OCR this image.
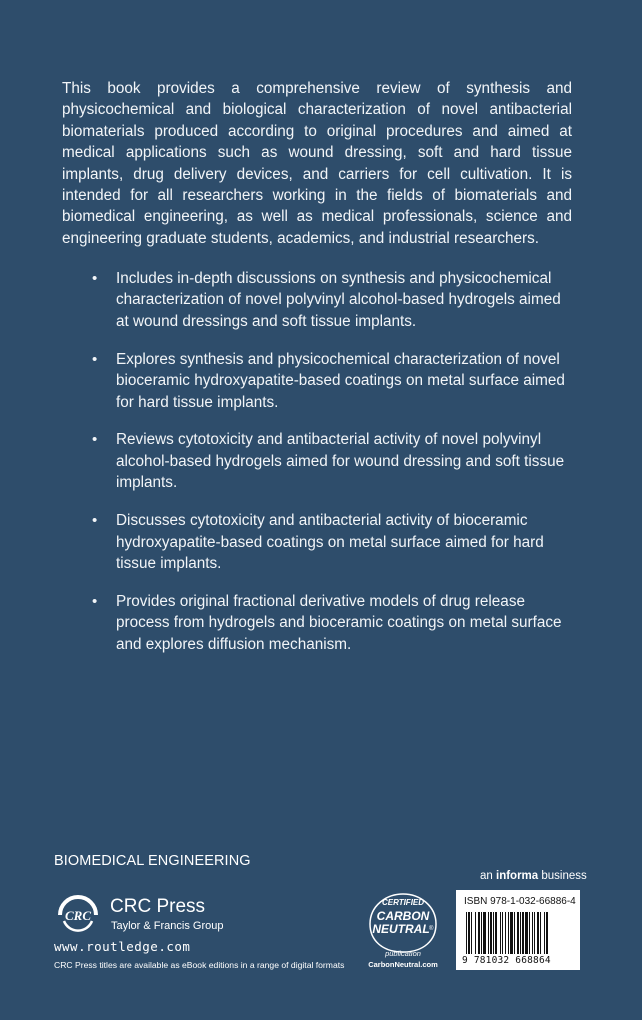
This book provides a comprehensive review of synthesis and physicochemical and biological characterization of novel antibacterial biomaterials produced according to original procedures and aimed at medical applications such as wound dressing, soft and hard tissue implants, drug delivery devices, and carriers for cell cultivation. It is intended for all researchers working in the fields of biomaterials and biomedical engineering, as well as medical professionals, science and engineering graduate students, academics, and industrial researchers.
• Includes in-depth discussions on synthesis and physicochemical characterization of novel polyvinyl alcohol-based hydrogels aimed at wound dressings and soft tissue implants.
• Explores synthesis and physicochemical characterization of novel bioceramic hydroxyapatite-based coatings on metal surface aimed for hard tissue implants.
• Reviews cytotoxicity and antibacterial activity of novel polyvinyl alcohol-based hydrogels aimed for wound dressing and soft tissue implants.
• Discusses cytotoxicity and antibacterial activity of bioceramic hydroxyapatite-based coatings on metal surface aimed for hard tissue implants.
• Provides original fractional derivative models of drug release process from hydrogels and bioceramic coatings on metal surface and explores diffusion mechanism.
BIOMEDICAL ENGINEERING
CRC CRC Press
Taylor & Francis Group
www.routledge.com
CRC Press titles are available as eBook editions in a range of digital formats
CERTIFIED
CARBON
NEUTRAL ®
publication
CarbonNeutral.com
an informa business
ISBN 978-1-032-66886-4
9 781032 668864
